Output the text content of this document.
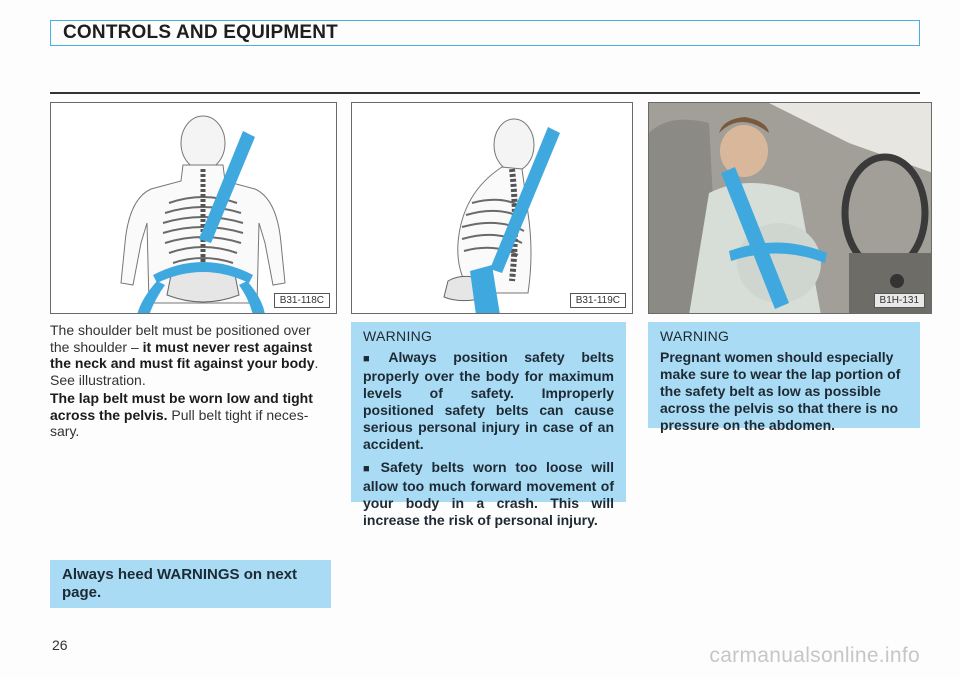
CONTROLS AND EQUIPMENT
B31-118C	B31-119C	B1H-131

The shoulder belt must be positioned over the shoulder – it must never rest against the neck and must fit against your body. See illustration.

The lap belt must be worn low and tight across the pelvis. Pull belt tight if neces-sary.

Always heed WARNINGS on next page.

WARNING

■ Always position safety belts properly over the body for maximum levels of safety. Improperly positioned safety belts can cause serious personal injury in case of an accident.

■ Safety belts worn too loose will allow too much forward movement of your body in a crash. This will increase the risk of personal injury.

WARNING

Pregnant women should especially make sure to wear the lap portion of the safety belt as low as possible across the pelvis so that there is no pressure on the abdomen.

26	carmanualsonline.info
